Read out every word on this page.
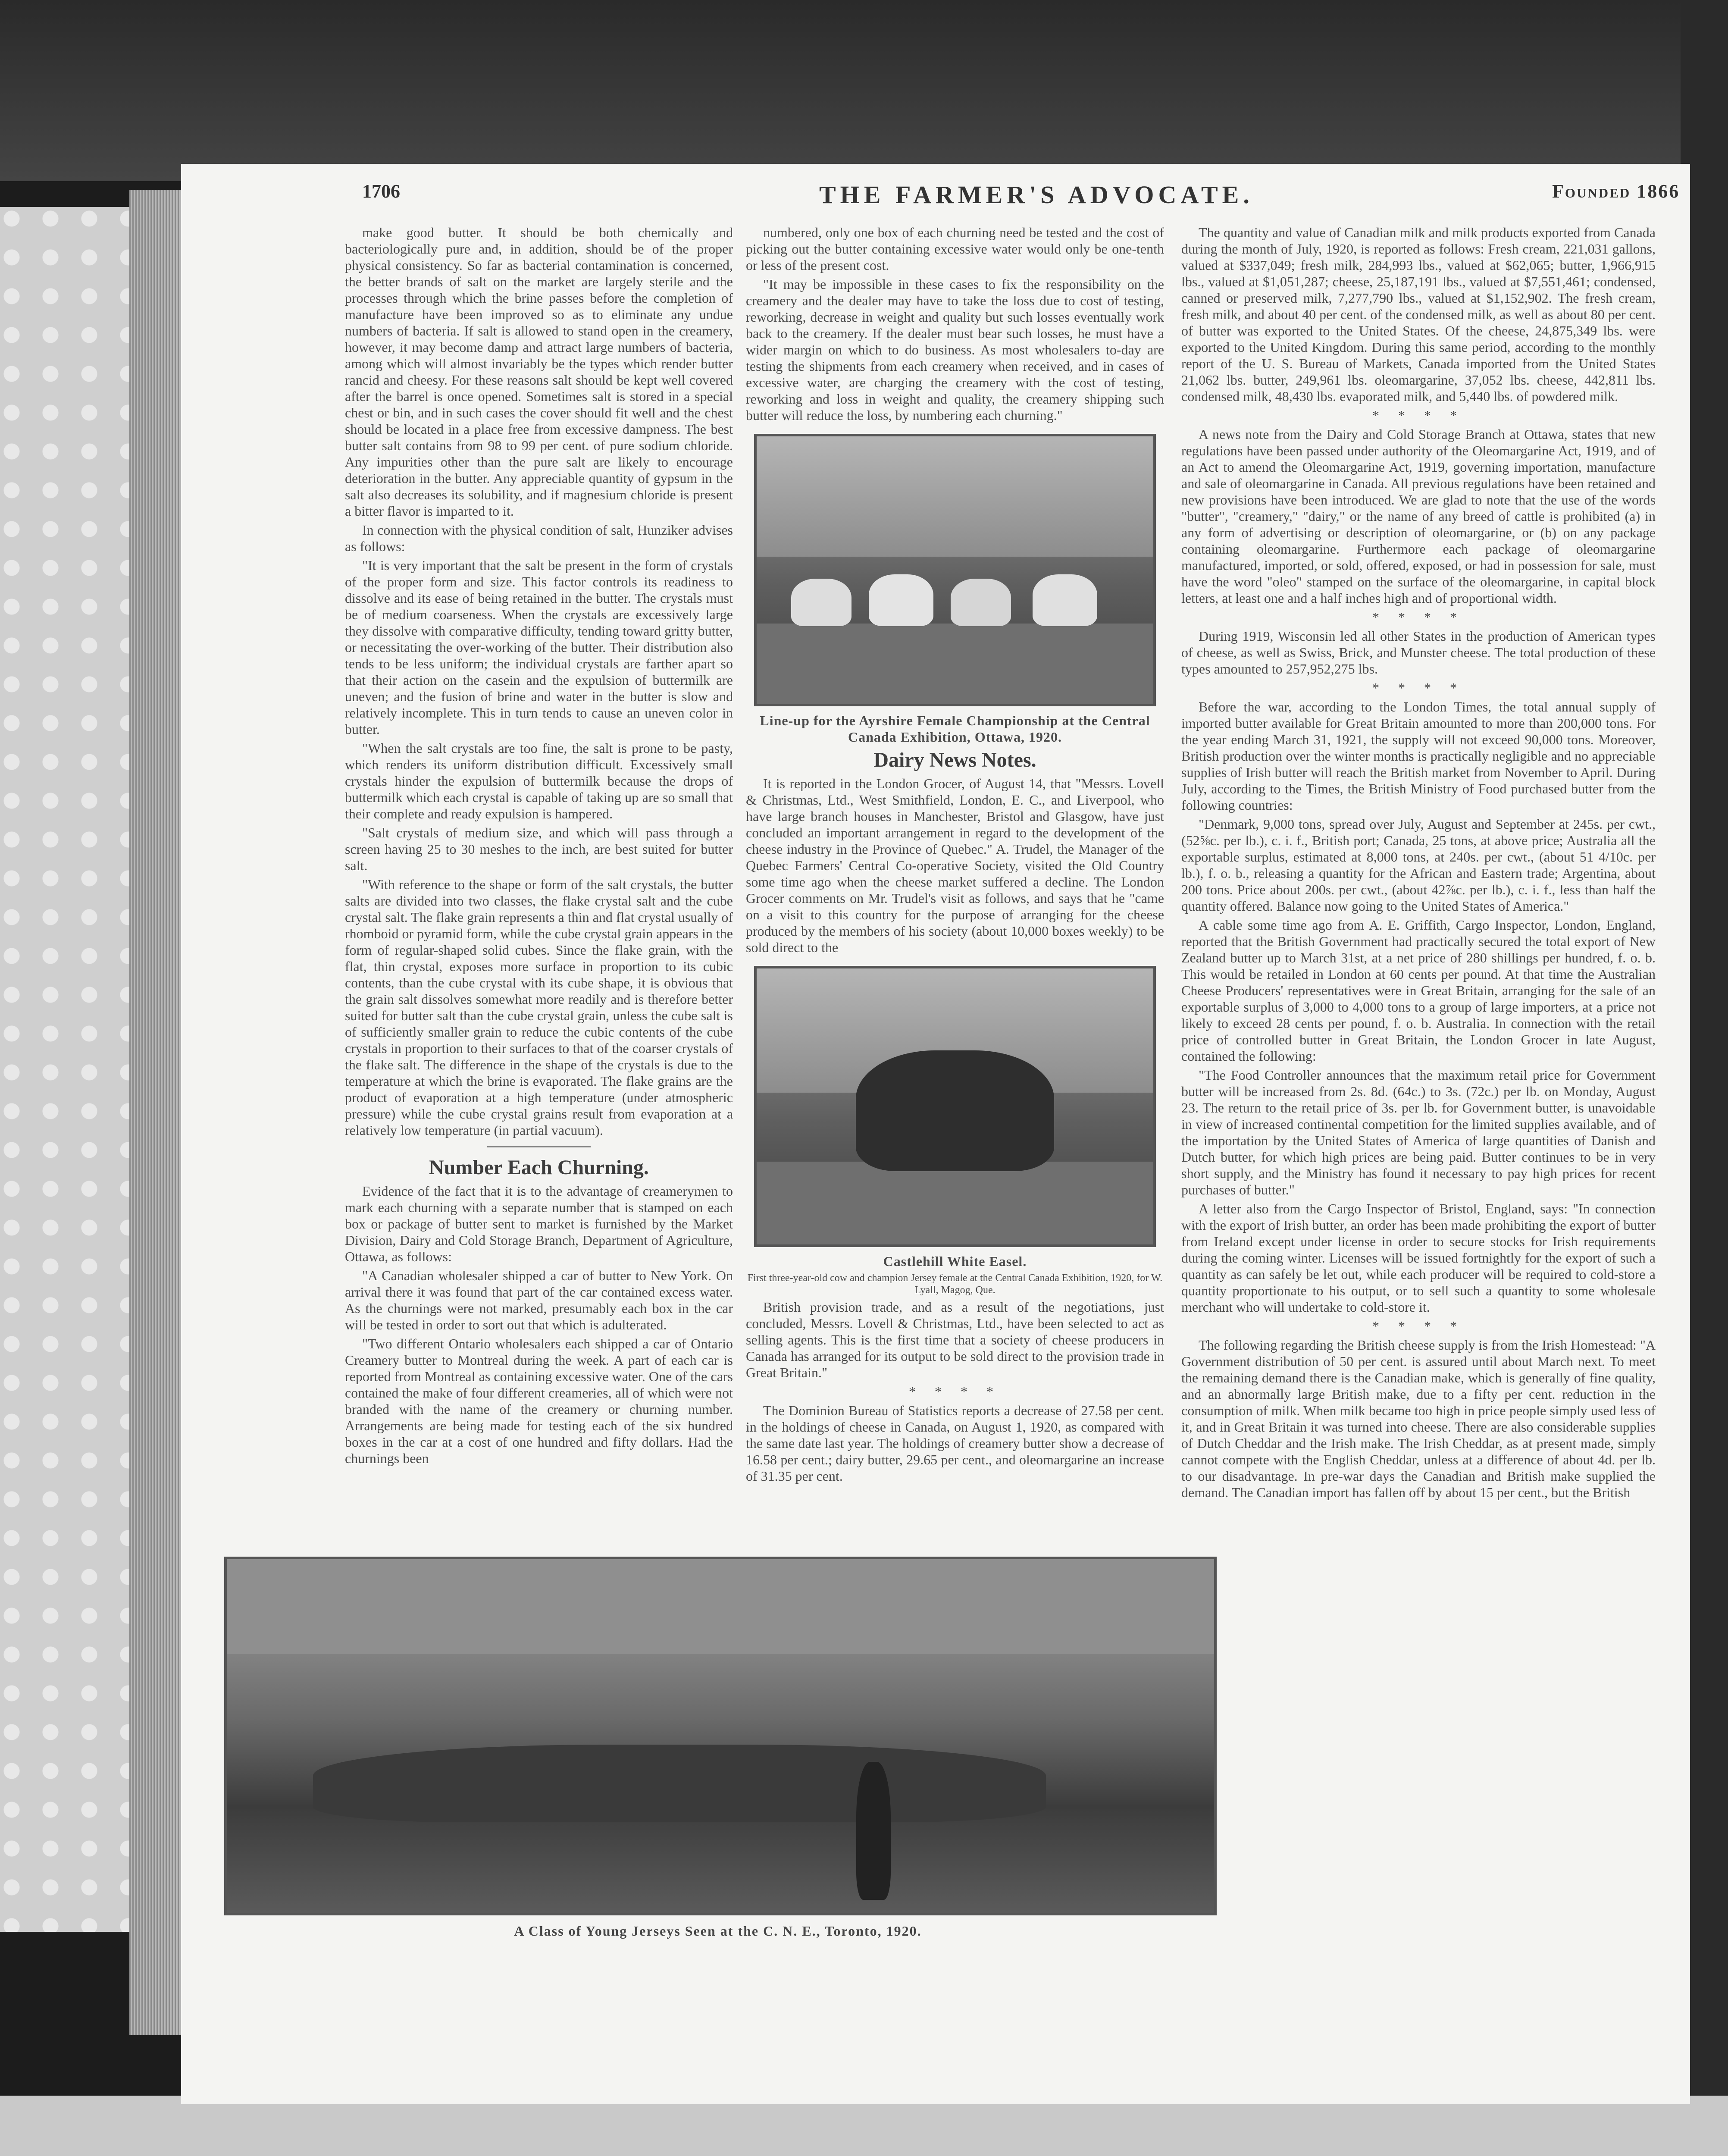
1706	THE FARMER'S ADVOCATE.	Founded 1866

make good butter. It should be both chemically and bacteriologically pure and, in addition, should be of the proper physical consistency. So far as bacterial contamination is concerned, the better brands of salt on the market are largely sterile and the processes through which the brine passes before the completion of manufacture have been improved so as to eliminate any undue numbers of bacteria. If salt is allowed to stand open in the creamery, however, it may become damp and attract large numbers of bacteria, among which will almost invariably be the types which render butter rancid and cheesy. For these reasons salt should be kept well covered after the barrel is once opened. Sometimes salt is stored in a special chest or bin, and in such cases the cover should fit well and the chest should be located in a place free from excessive dampness. The best butter salt contains from 98 to 99 per cent. of pure sodium chloride. Any impurities other than the pure salt are likely to encourage deterioration in the butter. Any appreciable quantity of gypsum in the salt also decreases its solubility, and if magnesium chloride is present a bitter flavor is imparted to it.

In connection with the physical condition of salt, Hunziker advises as follows:

"It is very important that the salt be present in the form of crystals of the proper form and size. This factor controls its readiness to dissolve and its ease of being retained in the butter. The crystals must be of medium coarseness. When the crystals are excessively large they dissolve with comparative difficulty, tending toward gritty butter, or necessitating the over-working of the butter. Their distribution also tends to be less uniform; the individual crystals are farther apart so that their action on the casein and the expulsion of buttermilk are uneven; and the fusion of brine and water in the butter is slow and relatively incomplete. This in turn tends to cause an uneven color in butter.

"When the salt crystals are too fine, the salt is prone to be pasty, which renders its uniform distribution difficult. Excessively small crystals hinder the expulsion of buttermilk because the drops of buttermilk which each crystal is capable of taking up are so small that their complete and ready expulsion is hampered.

"Salt crystals of medium size, and which will pass through a screen having 25 to 30 meshes to the inch, are best suited for butter salt.

"With reference to the shape or form of the salt crystals, the butter salts are divided into two classes, the flake crystal salt and the cube crystal salt. The flake grain represents a thin and flat crystal usually of rhomboid or pyramid form, while the cube crystal grain appears in the form of regular-shaped solid cubes. Since the flake grain, with the flat, thin crystal, exposes more surface in proportion to its cubic contents, than the cube crystal with its cube shape, it is obvious that the grain salt dissolves somewhat more readily and is therefore better suited for butter salt than the cube crystal grain, unless the cube salt is of sufficiently smaller grain to reduce the cubic contents of the cube crystals in proportion to their surfaces to that of the coarser crystals of the flake salt. The difference in the shape of the crystals is due to the temperature at which the brine is evaporated. The flake grains are the product of evaporation at a high temperature (under atmospheric pressure) while the cube crystal grains result from evaporation at a relatively low temperature (in partial vacuum).

Number Each Churning.

Evidence of the fact that it is to the advantage of creamerymen to mark each churning with a separate number that is stamped on each box or package of butter sent to market is furnished by the Market Division, Dairy and Cold Storage Branch, Department of Agriculture, Ottawa, as follows:

"A Canadian wholesaler shipped a car of butter to New York. On arrival there it was found that part of the car contained excess water. As the churnings were not marked, presumably each box in the car will be tested in order to sort out that which is adulterated.

"Two different Ontario wholesalers each shipped a car of Ontario Creamery butter to Montreal during the week. A part of each car is reported from Montreal as containing excessive water. One of the cars contained the make of four different creameries, all of which were not branded with the name of the creamery or churning number. Arrangements are being made for testing each of the six hundred boxes in the car at a cost of one hundred and fifty dollars. Had the churnings been

numbered, only one box of each churning need be tested and the cost of picking out the butter containing excessive water would only be one-tenth or less of the present cost.

"It may be impossible in these cases to fix the responsibility on the creamery and the dealer may have to take the loss due to cost of testing, reworking, decrease in weight and quality but such losses eventually work back to the creamery. If the dealer must bear such losses, he must have a wider margin on which to do business. As most wholesalers to-day are testing the shipments from each creamery when received, and in cases of excessive water, are charging the creamery with the cost of testing, reworking and loss in weight and quality, the creamery shipping such butter will reduce the loss, by numbering each churning."

Line-up for the Ayrshire Female Championship at the Central Canada Exhibition, Ottawa, 1920.

Dairy News Notes.

It is reported in the London Grocer, of August 14, that "Messrs. Lovell & Christmas, Ltd., West Smithfield, London, E. C., and Liverpool, who have large branch houses in Manchester, Bristol and Glasgow, have just concluded an important arrangement in regard to the development of the cheese industry in the Province of Quebec." A. Trudel, the Manager of the Quebec Farmers' Central Co-operative Society, visited the Old Country some time ago when the cheese market suffered a decline. The London Grocer comments on Mr. Trudel's visit as follows, and says that he "came on a visit to this country for the purpose of arranging for the cheese produced by the members of his society (about 10,000 boxes weekly) to be sold direct to the

Castlehill White Easel.

First three-year-old cow and champion Jersey female at the Central Canada Exhibition, 1920, for W. Lyall, Magog, Que.

British provision trade, and as a result of the negotiations, just concluded, Messrs. Lovell & Christmas, Ltd., have been selected to act as selling agents. This is the first time that a society of cheese producers in Canada has arranged for its output to be sold direct to the provision trade in Great Britain."

* * * *

The Dominion Bureau of Statistics reports a decrease of 27.58 per cent. in the holdings of cheese in Canada, on August 1, 1920, as compared with the same date last year. The holdings of creamery butter show a decrease of 16.58 per cent.; dairy butter, 29.65 per cent., and oleomargarine an increase of 31.35 per cent.

The quantity and value of Canadian milk and milk products exported from Canada during the month of July, 1920, is reported as follows: Fresh cream, 221,031 gallons, valued at $337,049; fresh milk, 284,993 lbs., valued at $62,065; butter, 1,966,915 lbs., valued at $1,051,287; cheese, 25,187,191 lbs., valued at $7,551,461; condensed, canned or preserved milk, 7,277,790 lbs., valued at $1,152,902. The fresh cream, fresh milk, and about 40 per cent. of the condensed milk, as well as about 80 per cent. of butter was exported to the United States. Of the cheese, 24,875,349 lbs. were exported to the United Kingdom. During this same period, according to the monthly report of the U. S. Bureau of Markets, Canada imported from the United States 21,062 lbs. butter, 249,961 lbs. oleomargarine, 37,052 lbs. cheese, 442,811 lbs. condensed milk, 48,430 lbs. evaporated milk, and 5,440 lbs. of powdered milk.

* * * *

A news note from the Dairy and Cold Storage Branch at Ottawa, states that new regulations have been passed under authority of the Oleomargarine Act, 1919, and of an Act to amend the Oleomargarine Act, 1919, governing importation, manufacture and sale of oleomargarine in Canada. All previous regulations have been retained and new provisions have been introduced. We are glad to note that the use of the words "butter", "creamery," "dairy," or the name of any breed of cattle is prohibited (a) in any form of advertising or description of oleomargarine, or (b) on any package containing oleomargarine. Furthermore each package of oleomargarine manufactured, imported, or sold, offered, exposed, or had in possession for sale, must have the word "oleo" stamped on the surface of the oleomargarine, in capital block letters, at least one and a half inches high and of proportional width.

* * * *

During 1919, Wisconsin led all other States in the production of American types of cheese, as well as Swiss, Brick, and Munster cheese. The total production of these types amounted to 257,952,275 lbs.

* * * *

Before the war, according to the London Times, the total annual supply of imported butter available for Great Britain amounted to more than 200,000 tons. For the year ending March 31, 1921, the supply will not exceed 90,000 tons. Moreover, British production over the winter months is practically negligible and no appreciable supplies of Irish butter will reach the British market from November to April. During July, according to the Times, the British Ministry of Food purchased butter from the following countries:

"Denmark, 9,000 tons, spread over July, August and September at 245s. per cwt., (52⅝c. per lb.), c. i. f., British port; Canada, 25 tons, at above price; Australia all the exportable surplus, estimated at 8,000 tons, at 240s. per cwt., (about 51 4/10c. per lb.), f. o. b., releasing a quantity for the African and Eastern trade; Argentina, about 200 tons. Price about 200s. per cwt., (about 42⅞c. per lb.), c. i. f., less than half the quantity offered. Balance now going to the United States of America."

A cable some time ago from A. E. Griffith, Cargo Inspector, London, England, reported that the British Government had practically secured the total export of New Zealand butter up to March 31st, at a net price of 280 shillings per hundred, f. o. b. This would be retailed in London at 60 cents per pound. At that time the Australian Cheese Producers' representatives were in Great Britain, arranging for the sale of an exportable surplus of 3,000 to 4,000 tons to a group of large importers, at a price not likely to exceed 28 cents per pound, f. o. b. Australia. In connection with the retail price of controlled butter in Great Britain, the London Grocer in late August, contained the following:

"The Food Controller announces that the maximum retail price for Government butter will be increased from 2s. 8d. (64c.) to 3s. (72c.) per lb. on Monday, August 23. The return to the retail price of 3s. per lb. for Government butter, is unavoidable in view of increased continental competition for the limited supplies available, and of the importation by the United States of America of large quantities of Danish and Dutch butter, for which high prices are being paid. Butter continues to be in very short supply, and the Ministry has found it necessary to pay high prices for recent purchases of butter."

A letter also from the Cargo Inspector of Bristol, England, says: "In connection with the export of Irish butter, an order has been made prohibiting the export of butter from Ireland except under license in order to secure stocks for Irish requirements during the coming winter. Licenses will be issued fortnightly for the export of such a quantity as can safely be let out, while each producer will be required to cold-store a quantity proportionate to his output, or to sell such a quantity to some wholesale merchant who will undertake to cold-store it.

* * * *

The following regarding the British cheese supply is from the Irish Homestead: "A Government distribution of 50 per cent. is assured until about March next. To meet the remaining demand there is the Canadian make, which is generally of fine quality, and an abnormally large British make, due to a fifty per cent. reduction in the consumption of milk. When milk became too high in price people simply used less of it, and in Great Britain it was turned into cheese. There are also considerable supplies of Dutch Cheddar and the Irish make. The Irish Cheddar, as at present made, simply cannot compete with the English Cheddar, unless at a difference of about 4d. per lb. to our disadvantage. In pre-war days the Canadian and British make supplied the demand. The Canadian import has fallen off by about 15 per cent., but the British

A Class of Young Jerseys Seen at the C. N. E., Toronto, 1920.
